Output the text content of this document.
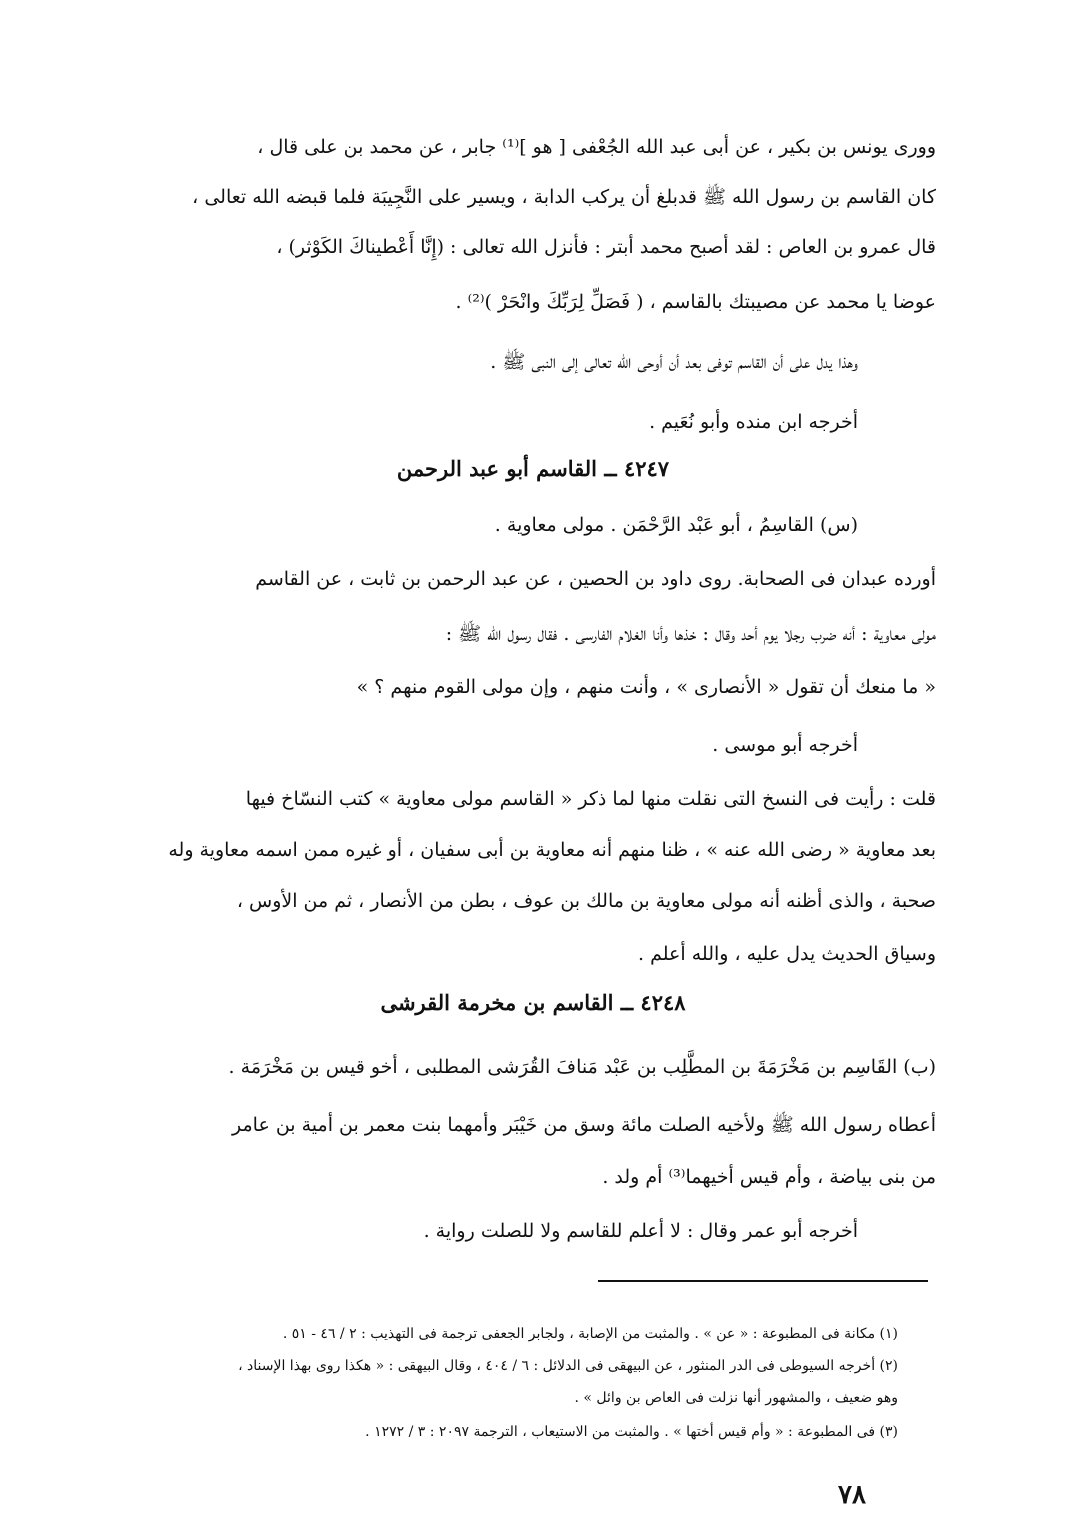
ووری یونس بن بکیر ، عن أبی عبد الله الجُعْفی [ هو ]⁽¹⁾ جابر ، عن محمد بن علی قال ،
كان القاسم بن رسول الله ﷺ قدبلغ أن يركب الدابة ، ويسير على النَّجِيبَة فلما قبضه الله تعالى ،
قال عمرو بن العاص : لقد أصبح محمد أبتر : فأنزل الله تعالى : (إِنَّا أَعْطيناكَ الكَوْثر) ،
عوضا يا محمد عن مصيبتك بالقاسم ، ( فَصَلِّ لِرَبِّكَ وانْحَرْ )⁽²⁾ .
وهذا يدل على أن القاسم توفى بعد أن أوحى الله تعالى إلى النبى ﷺ .
أخرجه ابن منده وأبو نُعَيم .
٤٢٤٧ ــ القاسم أبو عبد الرحمن
(س) القاسِمُ ، أبو عَبْد الرَّحْمَن . مولى معاوية .
أورده عبدان فى الصحابة. روى داود بن الحصين ، عن عبد الرحمن بن ثابت ، عن القاسم
مولى معاوية : أنه ضرب رجلا يوم أحد وقال : خذها وأنا الغلام الفارسى . فقال رسول الله ﷺ :
« ما منعك أن تقول « الأنصارى » ، وأنت منهم ، وإن مولى القوم منهم ؟ »
أخرجه أبو موسى .
قلت : رأيت فى النسخ التى نقلت منها لما ذكر « القاسم مولى معاوية » كتب النسّاخ فيها
بعد معاوية « رضى الله عنه » ، ظنا منهم أنه معاوية بن أبى سفيان ، أو غيره ممن اسمه معاوية وله
صحبة ، والذى أظنه أنه مولى معاوية بن مالك بن عوف ، بطن من الأنصار ، ثم من الأوس ،
وسياق الحديث يدل عليه ، والله أعلم .
٤٢٤٨ ــ القاسم بن مخرمة القرشى
(ب) القَاسِم بن مَخْرَمَةَ بن المطَّلِب بن عَبْد مَنافَ القُرَشى المطلبى ، أخو قيس بن مَخْرَمَة .
أعطاه رسول الله ﷺ ولأخيه الصلت مائة وسق من خَيْبَر وأمهما بنت معمر بن أمية بن عامر
من بنى بياضة ، وأم قيس أخيهما⁽³⁾ أم ولد .
أخرجه أبو عمر وقال : لا أعلم للقاسم ولا للصلت رواية .
(١) مكانة فى المطبوعة : « عن » . والمثبت من الإصابة ، ولجابر الجعفى ترجمة فى التهذيب : ٢ / ٤٦ - ٥١ .
(٢) أخرجه السيوطى فى الدر المنثور ، عن البيهقى فى الدلائل : ٦ / ٤٠٤ ، وقال البيهقى : « هكذا روى بهذا الإسناد ،
وهو ضعيف ، والمشهور أنها نزلت فى العاص بن وائل » .
(٣) فى المطبوعة : « وأم قيس أختها » . والمثبت من الاستيعاب ، الترجمة ٢٠٩٧ : ٣ / ١٢٧٢ .
٧٨
